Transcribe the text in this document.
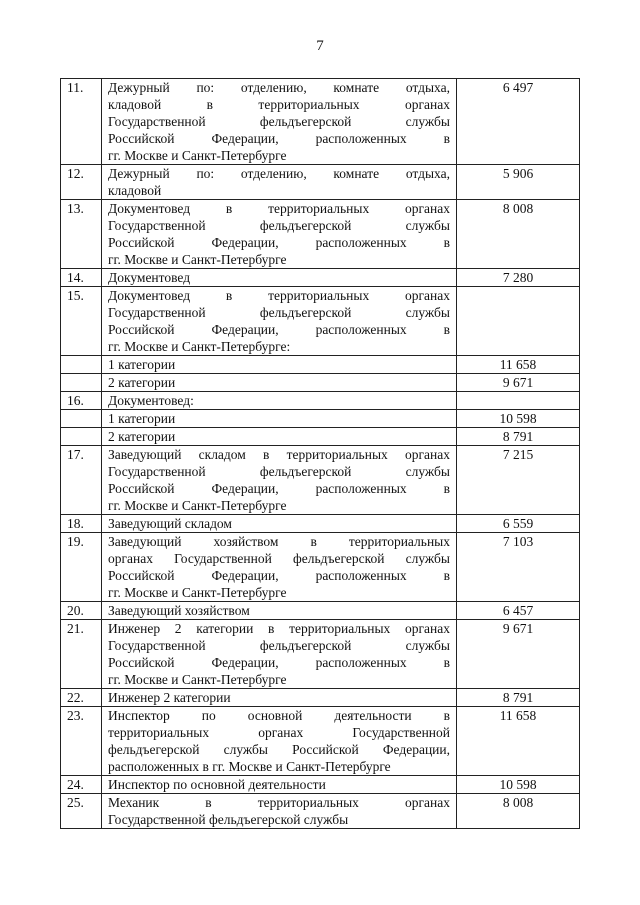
7
11.	Дежурный по: отделению, комнате отдыха,
кладовой в территориальных органах
Государственной фельдъегерской службы
Российской Федерации, расположенных в
гг. Москве и Санкт-Петербурге	6 497
12.	Дежурный по: отделению, комнате отдыха,
кладовой	5 906
13.	Документовед в территориальных органах
Государственной фельдъегерской службы
Российской Федерации, расположенных в
гг. Москве и Санкт-Петербурге	8 008
14.	Документовед	7 280
15.	Документовед в территориальных органах
Государственной фельдъегерской службы
Российской Федерации, расположенных в
гг. Москве и Санкт-Петербурге:	

	1 категории	11 658

	2 категории	9 671
16.	Документовед:	

	1 категории	10 598

	2 категории	8 791
17.	Заведующий складом в территориальных органах
Государственной фельдъегерской службы
Российской Федерации, расположенных в
гг. Москве и Санкт-Петербурге	7 215
18.	Заведующий складом	6 559
19.	Заведующий хозяйством в территориальных
органах Государственной фельдъегерской службы
Российской Федерации, расположенных в
гг. Москве и Санкт-Петербурге	7 103
20.	Заведующий хозяйством	6 457
21.	Инженер 2 категории в территориальных органах
Государственной фельдъегерской службы
Российской Федерации, расположенных в
гг. Москве и Санкт-Петербурге	9 671
22.	Инженер 2 категории	8 791
23.	Инспектор по основной деятельности в
территориальных органах Государственной
фельдъегерской службы Российской Федерации,
расположенных в гг. Москве и Санкт-Петербурге	11 658
24.	Инспектор по основной деятельности	10 598
25.	Механик в территориальных органах
Государственной фельдъегерской службы	8 008
